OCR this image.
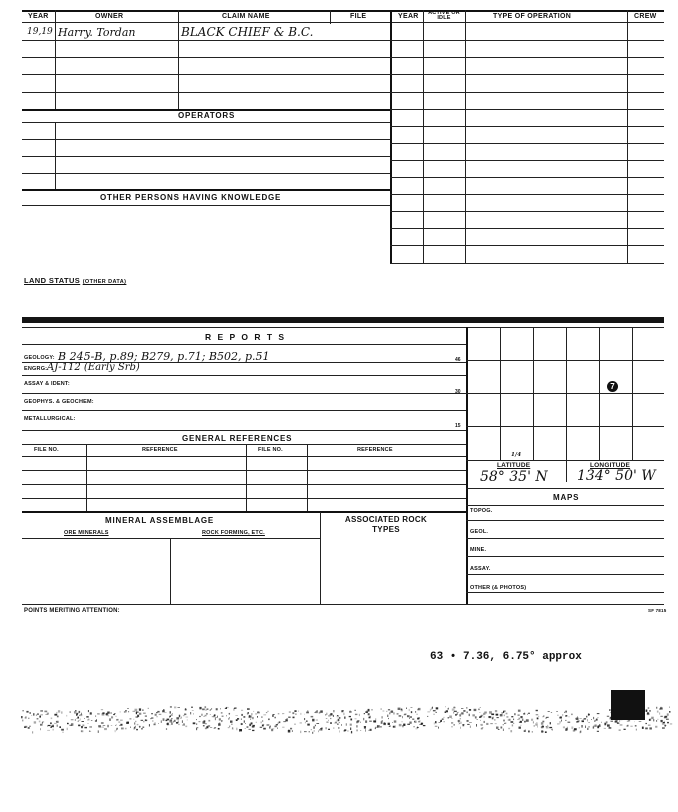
YEAR	OWNER	CLAIM NAME	FILE	YEAR	ACTIVE OR IDLE	TYPE OF OPERATION	CREW
19,19 Harry. Tordan	BLACK CHIEF & B.C.
OPERATORS
OTHER PERSONS HAVING KNOWLEDGE
LAND STATUS (OTHER DATA)
R E P O R T S
GEOLOGY: B 245-B, p.89; B279, p.71; B502, p.51	46
ENGRG: AJ-112 (Early Srb)
ASSAY & IDENT:
30
GEOPHYS. & GEOCHEM:
METALLURGICAL:
15
GENERAL REFERENCES
FILE NO.	REFERENCE	FILE NO.	REFERENCE
MINERAL ASSEMBLAGE
ORE MINERALS	ROCK FORMING, ETC.
ASSOCIATED ROCK TYPES
7
1/4
LATITUDE	LONGITUDE
58° 35' N 134° 50' W
MAPS
TOPOG.
GEOL.
MINE.
ASSAY.
OTHER (& PHOTOS)
POINTS MERITING ATTENTION:	SF 7815
63 • 7.36, 6.75° approx
